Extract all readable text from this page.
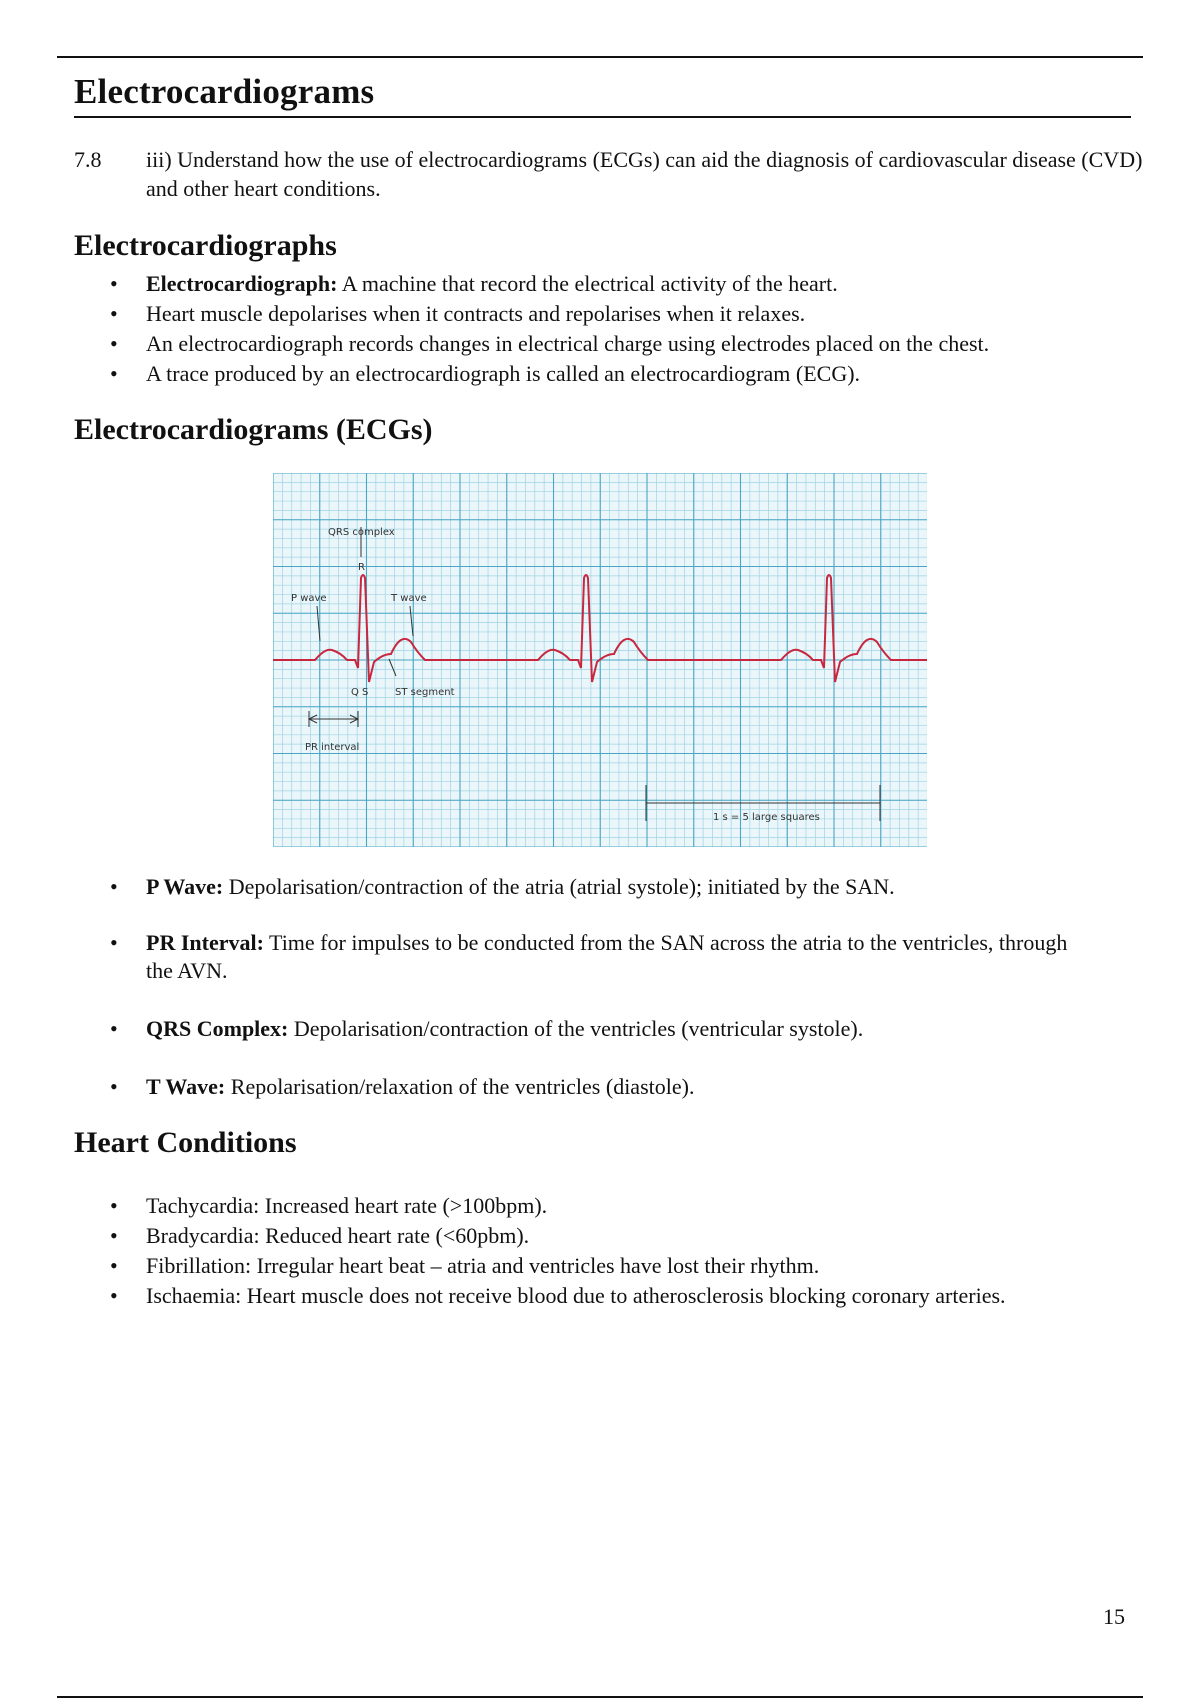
Electrocardiograms
7.8 iii) Understand how the use of electrocardiograms (ECGs) can aid the diagnosis of cardiovascular disease (CVD) and other heart conditions.
Electrocardiographs
• Electrocardiograph: A machine that record the electrical activity of the heart.
• Heart muscle depolarises when it contracts and repolarises when it relaxes.
• An electrocardiograph records changes in electrical charge using electrodes placed on the chest.
• A trace produced by an electrocardiograph is called an electrocardiogram (ECG).
Electrocardiograms (ECGs)
QRS complex
R
P wave	T wave
Q S	ST segment
PR interval
1 s = 5 large squares
• P Wave: Depolarisation/contraction of the atria (atrial systole); initiated by the SAN.
• PR Interval: Time for impulses to be conducted from the SAN across the atria to the ventricles, through the AVN.
• QRS Complex: Depolarisation/contraction of the ventricles (ventricular systole).
• T Wave: Repolarisation/relaxation of the ventricles (diastole).
Heart Conditions
• Tachycardia: Increased heart rate (>100bpm).
• Bradycardia: Reduced heart rate (<60pbm).
• Fibrillation: Irregular heart beat – atria and ventricles have lost their rhythm.
• Ischaemia: Heart muscle does not receive blood due to atherosclerosis blocking coronary arteries.
15
